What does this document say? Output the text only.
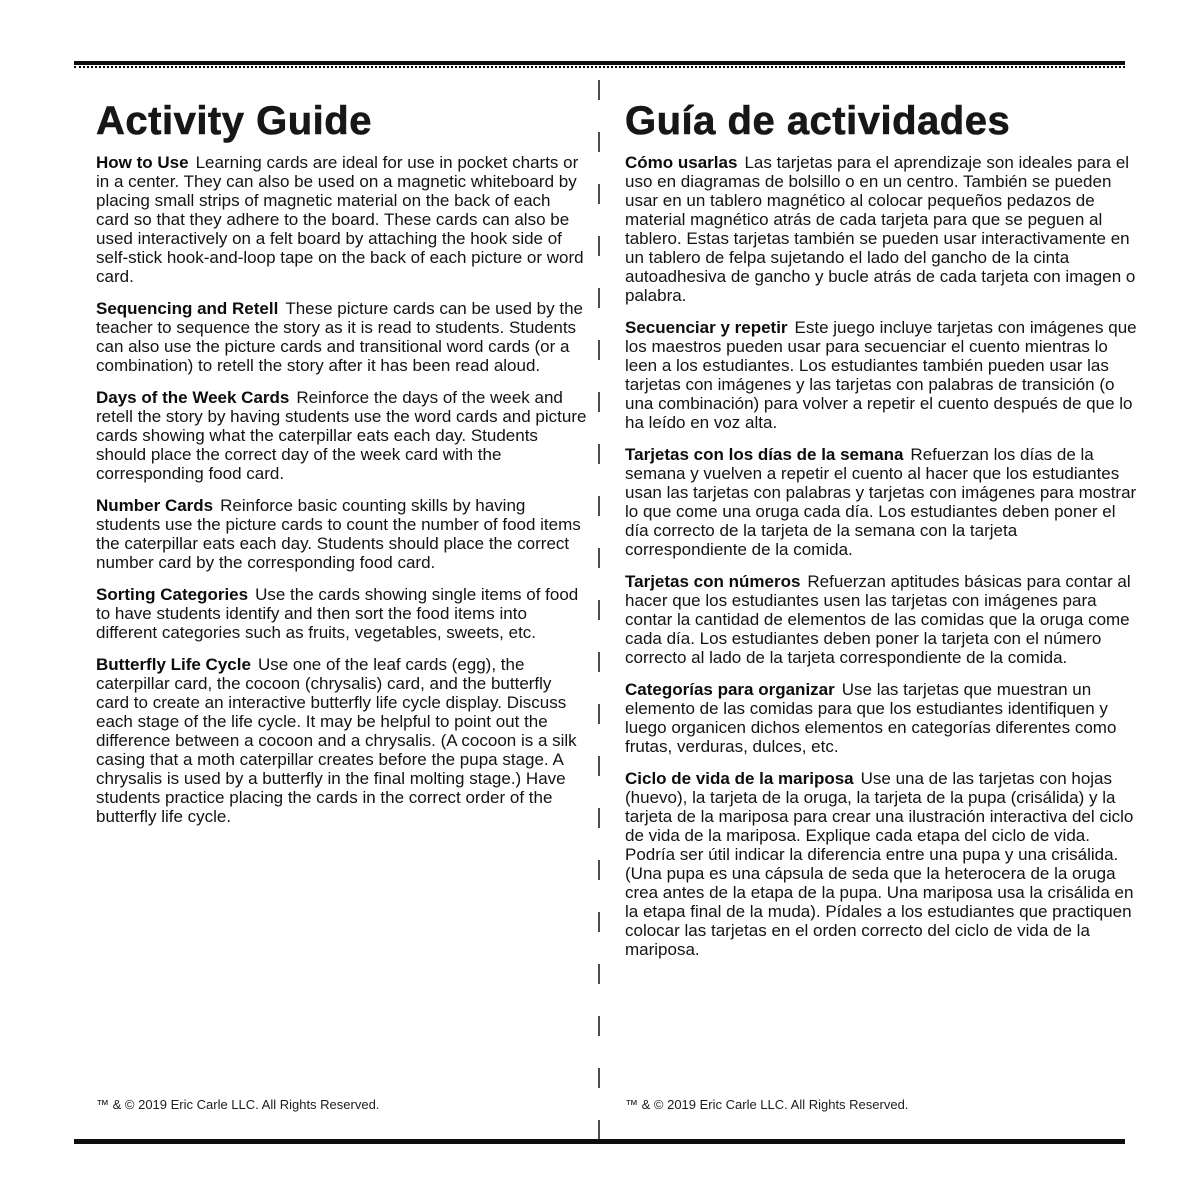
Activity Guide

How to Use Learning cards are ideal for use in pocket charts or in a center. They can also be used on a magnetic whiteboard by placing small strips of magnetic material on the back of each card so that they adhere to the board. These cards can also be used interactively on a felt board by attaching the hook side of self-stick hook-and-loop tape on the back of each picture or word card.

Sequencing and Retell These picture cards can be used by the teacher to sequence the story as it is read to students. Students can also use the picture cards and transitional word cards (or a combination) to retell the story after it has been read aloud.

Days of the Week Cards Reinforce the days of the week and retell the story by having students use the word cards and picture cards showing what the caterpillar eats each day. Students should place the correct day of the week card with the corresponding food card.

Number Cards Reinforce basic counting skills by having students use the picture cards to count the number of food items the caterpillar eats each day. Students should place the correct number card by the corresponding food card.

Sorting Categories Use the cards showing single items of food to have students identify and then sort the food items into different categories such as fruits, vegetables, sweets, etc.

Butterfly Life Cycle Use one of the leaf cards (egg), the caterpillar card, the cocoon (chrysalis) card, and the butterfly card to create an interactive butterfly life cycle display. Discuss each stage of the life cycle. It may be helpful to point out the difference between a cocoon and a chrysalis. (A cocoon is a silk casing that a moth caterpillar creates before the pupa stage. A chrysalis is used by a butterfly in the final molting stage.) Have students practice placing the cards in the correct order of the butterfly life cycle.

Guía de actividades

Cómo usarlas Las tarjetas para el aprendizaje son ideales para el uso en diagramas de bolsillo o en un centro. También se pueden usar en un tablero magnético al colocar pequeños pedazos de material magnético atrás de cada tarjeta para que se peguen al tablero. Estas tarjetas también se pueden usar interactivamente en un tablero de felpa sujetando el lado del gancho de la cinta autoadhesiva de gancho y bucle atrás de cada tarjeta con imagen o palabra.

Secuenciar y repetir Este juego incluye tarjetas con imágenes que los maestros pueden usar para secuenciar el cuento mientras lo leen a los estudiantes. Los estudiantes también pueden usar las tarjetas con imágenes y las tarjetas con palabras de transición (o una combinación) para volver a repetir el cuento después de que lo ha leído en voz alta.

Tarjetas con los días de la semana Refuerzan los días de la semana y vuelven a repetir el cuento al hacer que los estudiantes usan las tarjetas con palabras y tarjetas con imágenes para mostrar lo que come una oruga cada día. Los estudiantes deben poner el día correcto de la tarjeta de la semana con la tarjeta correspondiente de la comida.

Tarjetas con números Refuerzan aptitudes básicas para contar al hacer que los estudiantes usen las tarjetas con imágenes para contar la cantidad de elementos de las comidas que la oruga come cada día. Los estudiantes deben poner la tarjeta con el número correcto al lado de la tarjeta correspondiente de la comida.

Categorías para organizar Use las tarjetas que muestran un elemento de las comidas para que los estudiantes identifiquen y luego organicen dichos elementos en categorías diferentes como frutas, verduras, dulces, etc.

Ciclo de vida de la mariposa Use una de las tarjetas con hojas (huevo), la tarjeta de la oruga, la tarjeta de la pupa (crisálida) y la tarjeta de la mariposa para crear una ilustración interactiva del ciclo de vida de la mariposa. Explique cada etapa del ciclo de vida. Podría ser útil indicar la diferencia entre una pupa y una crisálida. (Una pupa es una cápsula de seda que la heterocera de la oruga crea antes de la etapa de la pupa. Una mariposa usa la crisálida en la etapa final de la muda). Pídales a los estudiantes que practiquen colocar las tarjetas en el orden correcto del ciclo de vida de la mariposa.

™ & © 2019 Eric Carle LLC. All Rights Reserved.	™ & © 2019 Eric Carle LLC. All Rights Reserved.
